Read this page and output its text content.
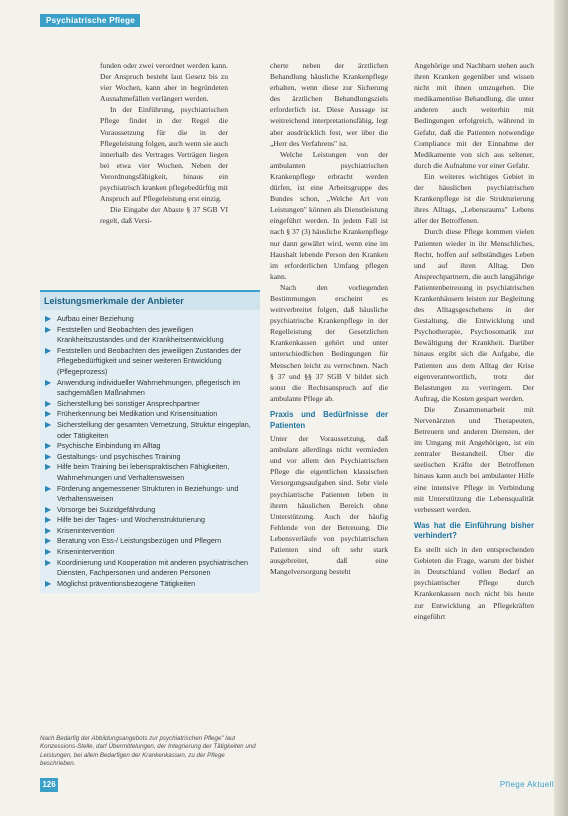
Psychiatrische Pflege

funden oder zwei verordnet werden kann. Der Anspruch besteht laut Gesetz bis zu vier Wochen, kann aber in begründeten Ausnahmefällen verlängert werden.

In der Einführung, psychiatrischen Pflege findet in der Regel die Voraussetzung für die in der Pflegeleistung folgen, auch wenn sie auch innerhalb des Vertrages Verträgen liegen bei etwa vier Wochen. Neben der Verordnungsfähigkeit, hinaus ein psychiatrisch kranken pflegebedürftig mit Anspruch auf Pflegeleistung erst einzig.

Die Eingabe der Abaste § 37 SGB VI regelt, daß Versi-

Leistungsmerkmale der Anbieter
▶ Aufbau einer Beziehung
▶ Feststellen und Beobachten des jeweiligen Krankheitszustandes und der Krankheitsentwicklung
▶ Feststellen und Beobachten des jeweiligen Zustandes der Pflegebedürftigkeit und seiner weiteren Entwicklung (Pflegeprozess)
▶ Anwendung individueller Wahrnehmungen, pflegerisch im sachgemäßen Maßnahmen
▶ Sicherstellung bei sonstiger Ansprechpartner
▶ Früherkennung bei Medikation und Krisensituation
▶ Sicherstellung der gesamten Vernetzung, Struktur eingeplan, oder Tätigkeiten
▶ Psychische Einbindung im Alltag
▶ Gestaltungs- und psychisches Training
▶ Hilfe beim Training bei lebenspraktischen Fähigkeiten, Wahrnehmungen und Verhaltensweisen
▶ Förderung angemessener Strukturen in Beziehungs- und Verhaltensweisen
▶ Vorsorge bei Suizidgefährdung
▶ Hilfe bei der Tages- und Wochenstrukturierung
▶ Krisenintervention
▶ Beratung von Ess-/ Leistungsbezügen und Pflegern
▶ Krisenintervention
▶ Koordinierung und Kooperation mit anderen psychiatrischen Diensten, Fachpersonen und anderen Personen
▶ Möglichst präventionsbezogene Tätigkeiten
Nach Bedarfig der Abbildungsangebots zur psychiatrischen Pflege" laut Konzessions-Stelle, darf Übermittelungen, der Integrierung der Tätigkeiten und Leistungen, bei allein Bedarfigen der Krankenkassen, zu der Pflege beschrieben.

cherte neben der ärztlichen Behandlung häusliche Krankenpflege erhalten, wenn diese zur Sicherung des ärztlichen Behandlungsziels erforderlich ist. Diese Aussage ist weitreichend interpretationsfähig, legt aber ausdrücklich fest, wer über die „Herr des Verfahrens" ist.

Welche Leistungen von der ambulanten psychiatrischen Krankenpflege erbracht werden dürfen, ist eine Arbeitsgruppe des Bundes schon, „Welche Art von Leistungen" können als Dienstleistung eingeführt werden. In jedem Fall ist nach § 37 (3) häusliche Krankenpflege nur dann gewährt wird, wenn eine im Haushalt lebende Person den Kranken im erforderlichen Umfang pflegen kann.

Nach den vorliegenden Bestimmungen erscheint es weitverbreitet folgen, daß häusliche psychiatrische Krankenpflege in der Regelleistung der Gesetzlichen Krankenkassen gehört und unter unterschiedlichen Bedingungen für Menschen leicht zu verrechnen. Nach § 37 und §§ 37 SGB V bildet sich sonst die Rechtsanspruch auf die ambulante Pflege ab.

Praxis und Bedürfnisse der Patienten

Unter der Voraussetzung, daß ambulant allerdings nicht vermieden und vor allem den Psychiatrischen Pflege die eigentlichen klassischen Versorgungsaufgaben sind. Sehr viele psychiatrische Patienten leben in ihrem häuslichen Bereich ohne Unterstützung. Auch der häufig Fehlende von der Betreuung. Die Lebensverläufe von psychiatrischen Patienten sind oft sehr stark ausgebreitet, daß eine Mangelversorgung besteht

Angehörige und Nachbarn stehen auch ihren Kranken gegenüber und wissen nicht mit ihnen umzugehen. Die medikamentöse Behandlung, die unter anderen auch weiterhin mit Bedingungen erfolgreich, während in Gefahr, daß die Patienten notwendige Compliance mit der Einnahme der Medikamente von sich aus seltener, durch die Aufnahme vor einer Gefahr.

Ein weiteres wichtiges Gebiet in der häuslichen psychiatrischen Krankenpflege ist die Strukturierung ihres Alltags, „Lebensraums" Lebens aller der Betroffenen.

Durch diese Pflege kommen vielen Patienten wieder in ihr Menschliches, Recht, hoffen auf selbständiges Leben und auf ihren Alltag. Den Ansprechpartnern, die auch langjährige Patientenbetreuung in psychiatrischen Krankenhäusern leisten zur Begleitung des Alltagsgeschehens in der Gestaltung, die Entwicklung und Psychotherapie, Psychosomatik zur Bewältigung der Krankheit. Darüber hinaus ergibt sich die Aufgabe, die Patienten aus dem Alltag der Krise eigenverantwortlich, trotz der Belastungen zu verringern. Der Auftrag, die Kosten gespart werden.

Die Zusammenarbeit mit Nervenärzten und Therapeuten, Betreuern und anderen Diensten, der im Umgang mit Angehörigen, ist ein zentraler Bestandteil. Über die seelischen Kräfte der Betroffenen hinaus kann auch bei ambulanter Hilfe eine intensive Pflege in Verbindung mit Unterstützung die Lebensqualität verbessert werden.

Was hat die Einführung bisher verhindert?

Es stellt sich in den entsprechenden Gebieten die Frage, warum der bisher in Deutschland vollen Bedarf an psychiatrischer Pflege durch Krankenkassen noch nicht bis heute zur Entwicklung an Pflegekräften eingeführt

126	Pflege Aktuell
